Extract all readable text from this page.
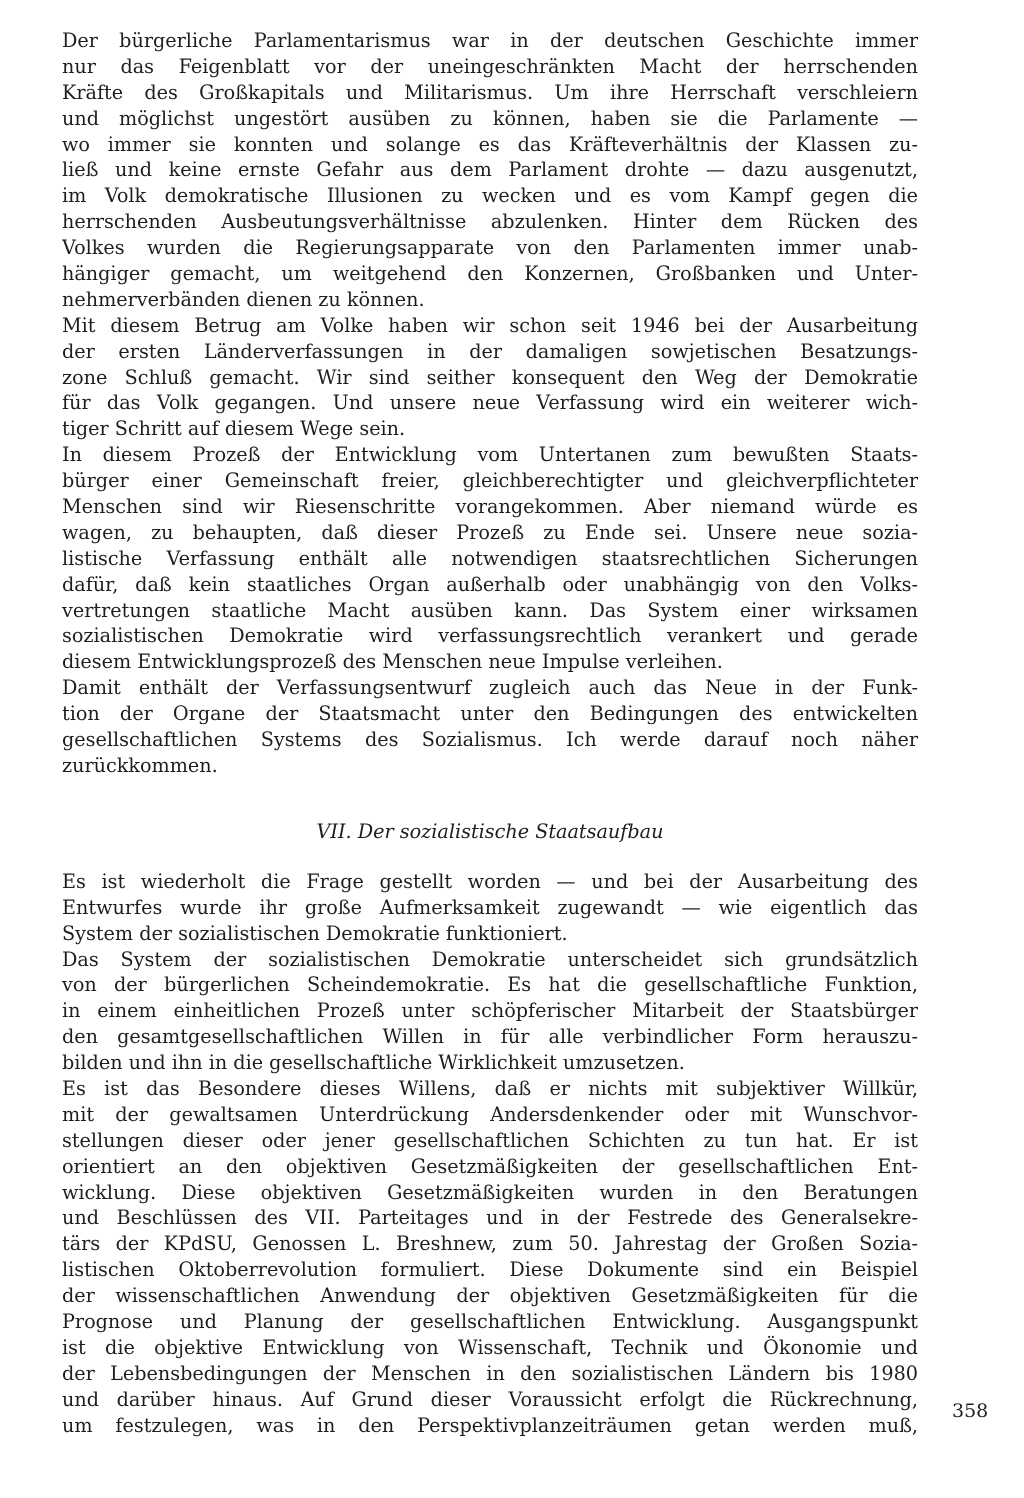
Der bürgerliche Parlamentarismus war in der deutschen Geschichte immer
nur das Feigenblatt vor der uneingeschränkten Macht der herrschenden
Kräfte des Großkapitals und Militarismus. Um ihre Herrschaft verschleiern
und möglichst ungestört ausüben zu können, haben sie die Parlamente —
wo immer sie konnten und solange es das Kräfteverhältnis der Klassen zu-
ließ und keine ernste Gefahr aus dem Parlament drohte — dazu ausgenutzt,
im Volk demokratische Illusionen zu wecken und es vom Kampf gegen die
herrschenden Ausbeutungsverhältnisse abzulenken. Hinter dem Rücken des
Volkes wurden die Regierungsapparate von den Parlamenten immer unab-
hängiger gemacht, um weitgehend den Konzernen, Großbanken und Unter-
nehmerverbänden dienen zu können.
Mit diesem Betrug am Volke haben wir schon seit 1946 bei der Ausarbeitung
der ersten Länderverfassungen in der damaligen sowjetischen Besatzungs-
zone Schluß gemacht. Wir sind seither konsequent den Weg der Demokratie
für das Volk gegangen. Und unsere neue Verfassung wird ein weiterer wich-
tiger Schritt auf diesem Wege sein.
In diesem Prozeß der Entwicklung vom Untertanen zum bewußten Staats-
bürger einer Gemeinschaft freier, gleichberechtigter und gleichverpflichteter
Menschen sind wir Riesenschritte vorangekommen. Aber niemand würde es
wagen, zu behaupten, daß dieser Prozeß zu Ende sei. Unsere neue sozia-
listische Verfassung enthält alle notwendigen staatsrechtlichen Sicherungen
dafür, daß kein staatliches Organ außerhalb oder unabhängig von den Volks-
vertretungen staatliche Macht ausüben kann. Das System einer wirksamen
sozialistischen Demokratie wird verfassungsrechtlich verankert und gerade
diesem Entwicklungsprozeß des Menschen neue Impulse verleihen.
Damit enthält der Verfassungsentwurf zugleich auch das Neue in der Funk-
tion der Organe der Staatsmacht unter den Bedingungen des entwickelten
gesellschaftlichen Systems des Sozialismus. Ich werde darauf noch näher
zurückkommen.
VII. Der sozialistische Staatsaufbau
Es ist wiederholt die Frage gestellt worden — und bei der Ausarbeitung des
Entwurfes wurde ihr große Aufmerksamkeit zugewandt — wie eigentlich das
System der sozialistischen Demokratie funktioniert.
Das System der sozialistischen Demokratie unterscheidet sich grundsätzlich
von der bürgerlichen Scheindemokratie. Es hat die gesellschaftliche Funktion,
in einem einheitlichen Prozeß unter schöpferischer Mitarbeit der Staatsbürger
den gesamtgesellschaftlichen Willen in für alle verbindlicher Form herauszu-
bilden und ihn in die gesellschaftliche Wirklichkeit umzusetzen.
Es ist das Besondere dieses Willens, daß er nichts mit subjektiver Willkür,
mit der gewaltsamen Unterdrückung Andersdenkender oder mit Wunschvor-
stellungen dieser oder jener gesellschaftlichen Schichten zu tun hat. Er ist
orientiert an den objektiven Gesetzmäßigkeiten der gesellschaftlichen Ent-
wicklung. Diese objektiven Gesetzmäßigkeiten wurden in den Beratungen
und Beschlüssen des VII. Parteitages und in der Festrede des Generalsekre-
tärs der KPdSU, Genossen L. Breshnew, zum 50. Jahrestag der Großen Sozia-
listischen Oktoberrevolution formuliert. Diese Dokumente sind ein Beispiel
der wissenschaftlichen Anwendung der objektiven Gesetzmäßigkeiten für die
Prognose und Planung der gesellschaftlichen Entwicklung. Ausgangspunkt
ist die objektive Entwicklung von Wissenschaft, Technik und Ökonomie und
der Lebensbedingungen der Menschen in den sozialistischen Ländern bis 1980
und darüber hinaus. Auf Grund dieser Voraussicht erfolgt die Rückrechnung,
um festzulegen, was in den Perspektivplanzeiträumen getan werden muß,
358
